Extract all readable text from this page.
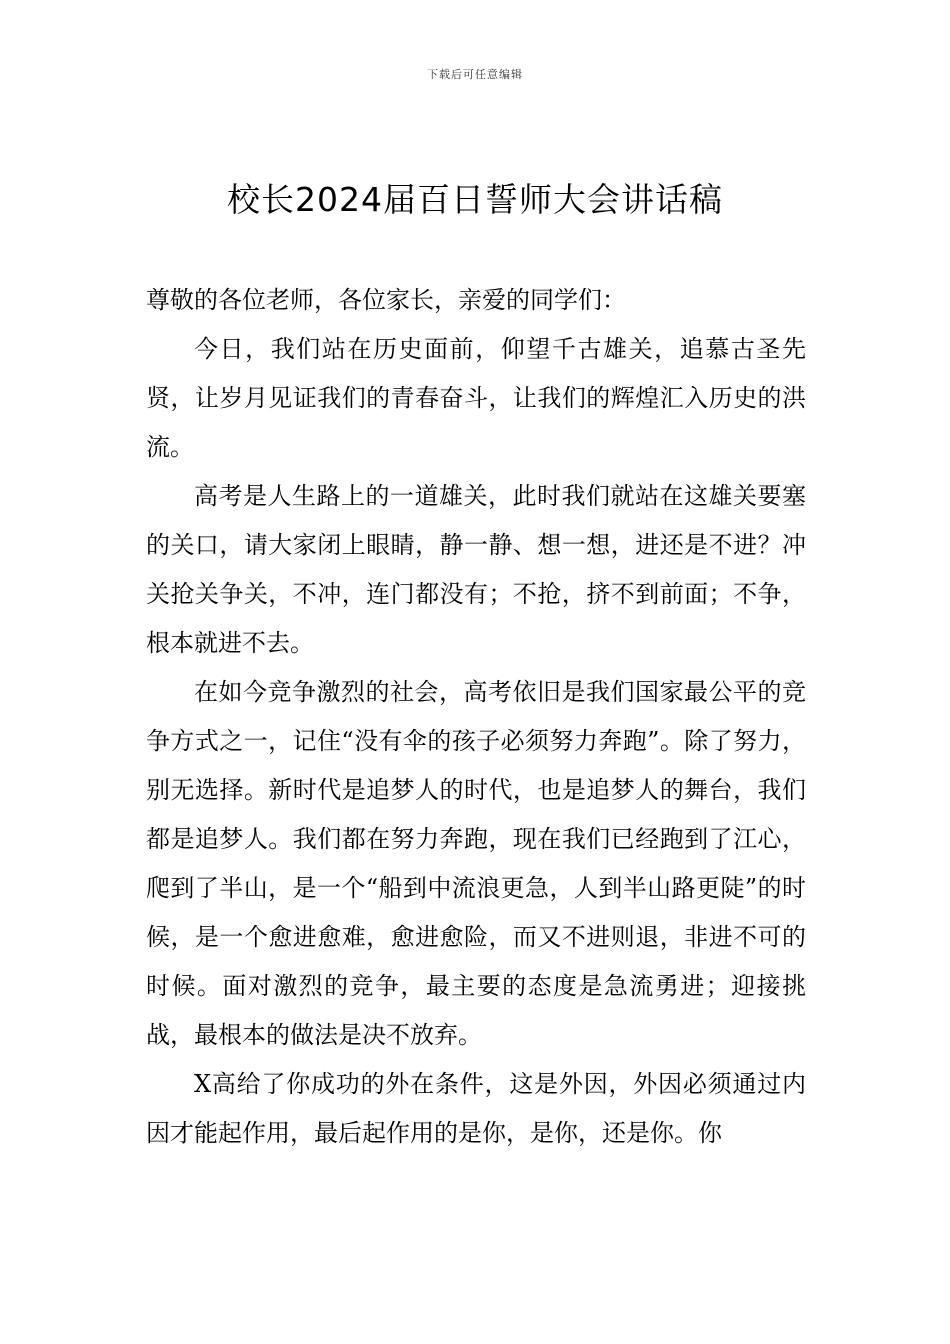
下载后可任意编辑
校长2024届百日誓师大会讲话稿

尊敬的各位老师，各位家长，亲爱的同学们：

今日，我们站在历史面前，仰望千古雄关，追慕古圣先贤，让岁月见证我们的青春奋斗，让我们的辉煌汇入历史的洪流。

高考是人生路上的一道雄关，此时我们就站在这雄关要塞的关口，请大家闭上眼睛，静一静、想一想，进还是不进？冲关抢关争关，不冲，连门都没有；不抢，挤不到前面；不争，根本就进不去。

在如今竞争激烈的社会，高考依旧是我们国家最公平的竞争方式之一，记住“没有伞的孩子必须努力奔跑”。除了努力，别无选择。新时代是追梦人的时代，也是追梦人的舞台，我们都是追梦人。我们都在努力奔跑，现在我们已经跑到了江心，爬到了半山，是一个“船到中流浪更急，人到半山路更陡”的时候，是一个愈进愈难，愈进愈险，而又不进则退，非进不可的时候。面对激烈的竞争，最主要的态度是急流勇进；迎接挑战，最根本的做法是决不放弃。

X高给了你成功的外在条件，这是外因，外因必须通过内因才能起作用，最后起作用的是你，是你，还是你。你
